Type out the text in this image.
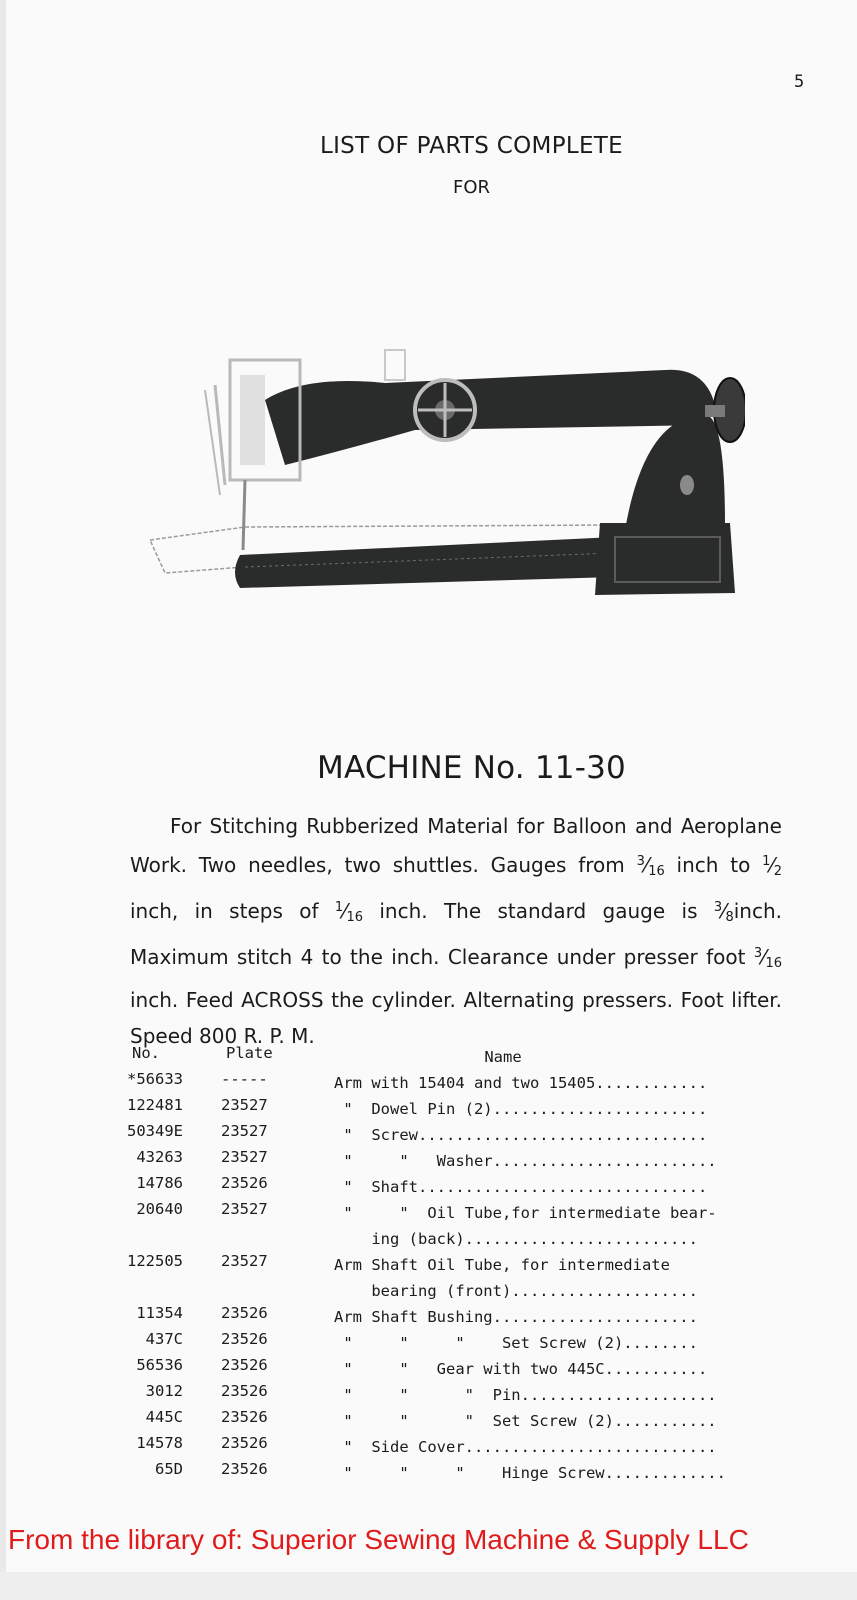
5
LIST OF PARTS COMPLETE
FOR
MACHINE No. 11-30
For Stitching Rubberized Material for Balloon and Aeroplane Work. Two needles, two shuttles. Gauges from $^3⁄_{16}$ inch to $^1⁄_2$ inch, in steps of $^1⁄_{16}$ inch. The standard gauge is $^3⁄_8inch$. Maximum stitch 4 to the inch. Clearance under presser foot $^3⁄_{16}$ inch. Feed ACROSS the cylinder. Alternating pressers. Foot lifter. Speed 800 R. P. M.
No.	Plate	Name
*56633 -----	Arm with 15404 and two 15405............
122481 23527	"  Dowel Pin (2).......................
50349E 23527	"  Screw...............................
43263 23527	"     "   Washer........................
14786 23526	"  Shaft...............................
20640 23527	"     "  Oil Tube,for intermediate bear-
ing (back).........................
122505 23527	Arm Shaft Oil Tube, for intermediate
bearing (front)....................
11354 23526	Arm Shaft Bushing......................
437C 23526	"     "     "    Set Screw (2)........
56536 23526	"     "   Gear with two 445C...........
3012 23526	"     "      "  Pin.....................
445C 23526	"     "      "  Set Screw (2)...........
14578 23526	"  Side Cover...........................
65D 23526	"     "     "    Hinge Screw.............
From the library of: Superior Sewing Machine & Supply LLC
